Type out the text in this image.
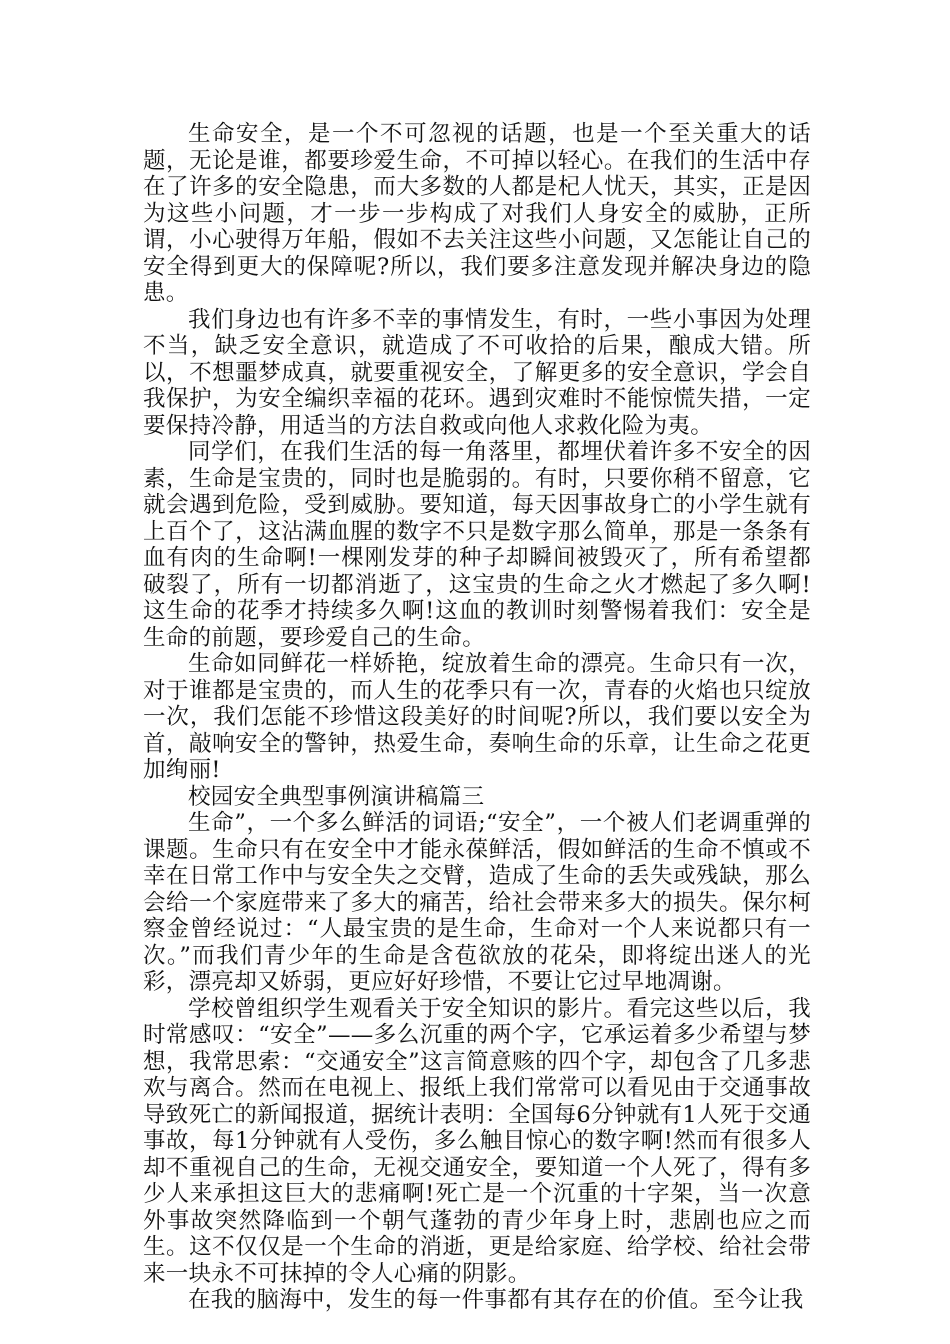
生命安全，是一个不可忽视的话题，也是一个至关重大的话题，无论是谁，都要珍爱生命，不可掉以轻心。在我们的生活中存在了许多的安全隐患，而大多数的人都是杞人忧天，其实，正是因为这些小问题，才一步一步构成了对我们人身安全的威胁，正所谓，小心驶得万年船，假如不去关注这些小问题，又怎能让自己的安全得到更大的保障呢?所以，我们要多注意发现并解决身边的隐患。

我们身边也有许多不幸的事情发生，有时，一些小事因为处理不当，缺乏安全意识，就造成了不可收拾的后果，酿成大错。所以，不想噩梦成真，就要重视安全，了解更多的安全意识，学会自我保护，为安全编织幸福的花环。遇到灾难时不能惊慌失措，一定要保持冷静，用适当的方法自救或向他人求救化险为夷。

同学们，在我们生活的每一角落里，都埋伏着许多不安全的因素，生命是宝贵的，同时也是脆弱的。有时，只要你稍不留意，它就会遇到危险，受到威胁。要知道，每天因事故身亡的小学生就有上百个了，这沾满血腥的数字不只是数字那么简单，那是一条条有血有肉的生命啊!一棵刚发芽的种子却瞬间被毁灭了，所有希望都破裂了，所有一切都消逝了，这宝贵的生命之火才燃起了多久啊!这生命的花季才持续多久啊!这血的教训时刻警惕着我们：安全是生命的前题，要珍爱自己的生命。

生命如同鲜花一样娇艳，绽放着生命的漂亮。生命只有一次，对于谁都是宝贵的，而人生的花季只有一次，青春的火焰也只绽放一次，我们怎能不珍惜这段美好的时间呢?所以，我们要以安全为首，敲响安全的警钟，热爱生命，奏响生命的乐章，让生命之花更加绚丽!

校园安全典型事例演讲稿篇三

生命”，一个多么鲜活的词语;“安全”，一个被人们老调重弹的课题。生命只有在安全中才能永葆鲜活，假如鲜活的生命不慎或不幸在日常工作中与安全失之交臂，造成了生命的丢失或残缺，那么会给一个家庭带来了多大的痛苦，给社会带来多大的损失。保尔柯察金曾经说过：“人最宝贵的是生命，生命对一个人来说都只有一次。”而我们青少年的生命是含苞欲放的花朵，即将绽出迷人的光彩，漂亮却又娇弱，更应好好珍惜，不要让它过早地凋谢。

学校曾组织学生观看关于安全知识的影片。看完这些以后，我时常感叹：“安全”——多么沉重的两个字，它承运着多少希望与梦想，我常思索：“交通安全”这言简意赅的四个字，却包含了几多悲欢与离合。然而在电视上、报纸上我们常常可以看见由于交通事故导致死亡的新闻报道，据统计表明：全国每6分钟就有1人死于交通事故，每1分钟就有人受伤，多么触目惊心的数字啊!然而有很多人却不重视自己的生命，无视交通安全，要知道一个人死了，得有多少人来承担这巨大的悲痛啊!死亡是一个沉重的十字架，当一次意外事故突然降临到一个朝气蓬勃的青少年身上时，悲剧也应之而生。这不仅仅是一个生命的消逝，更是给家庭、给学校、给社会带来一块永不可抹掉的令人心痛的阴影。

在我的脑海中，发生的每一件事都有其存在的价值。至今让我
